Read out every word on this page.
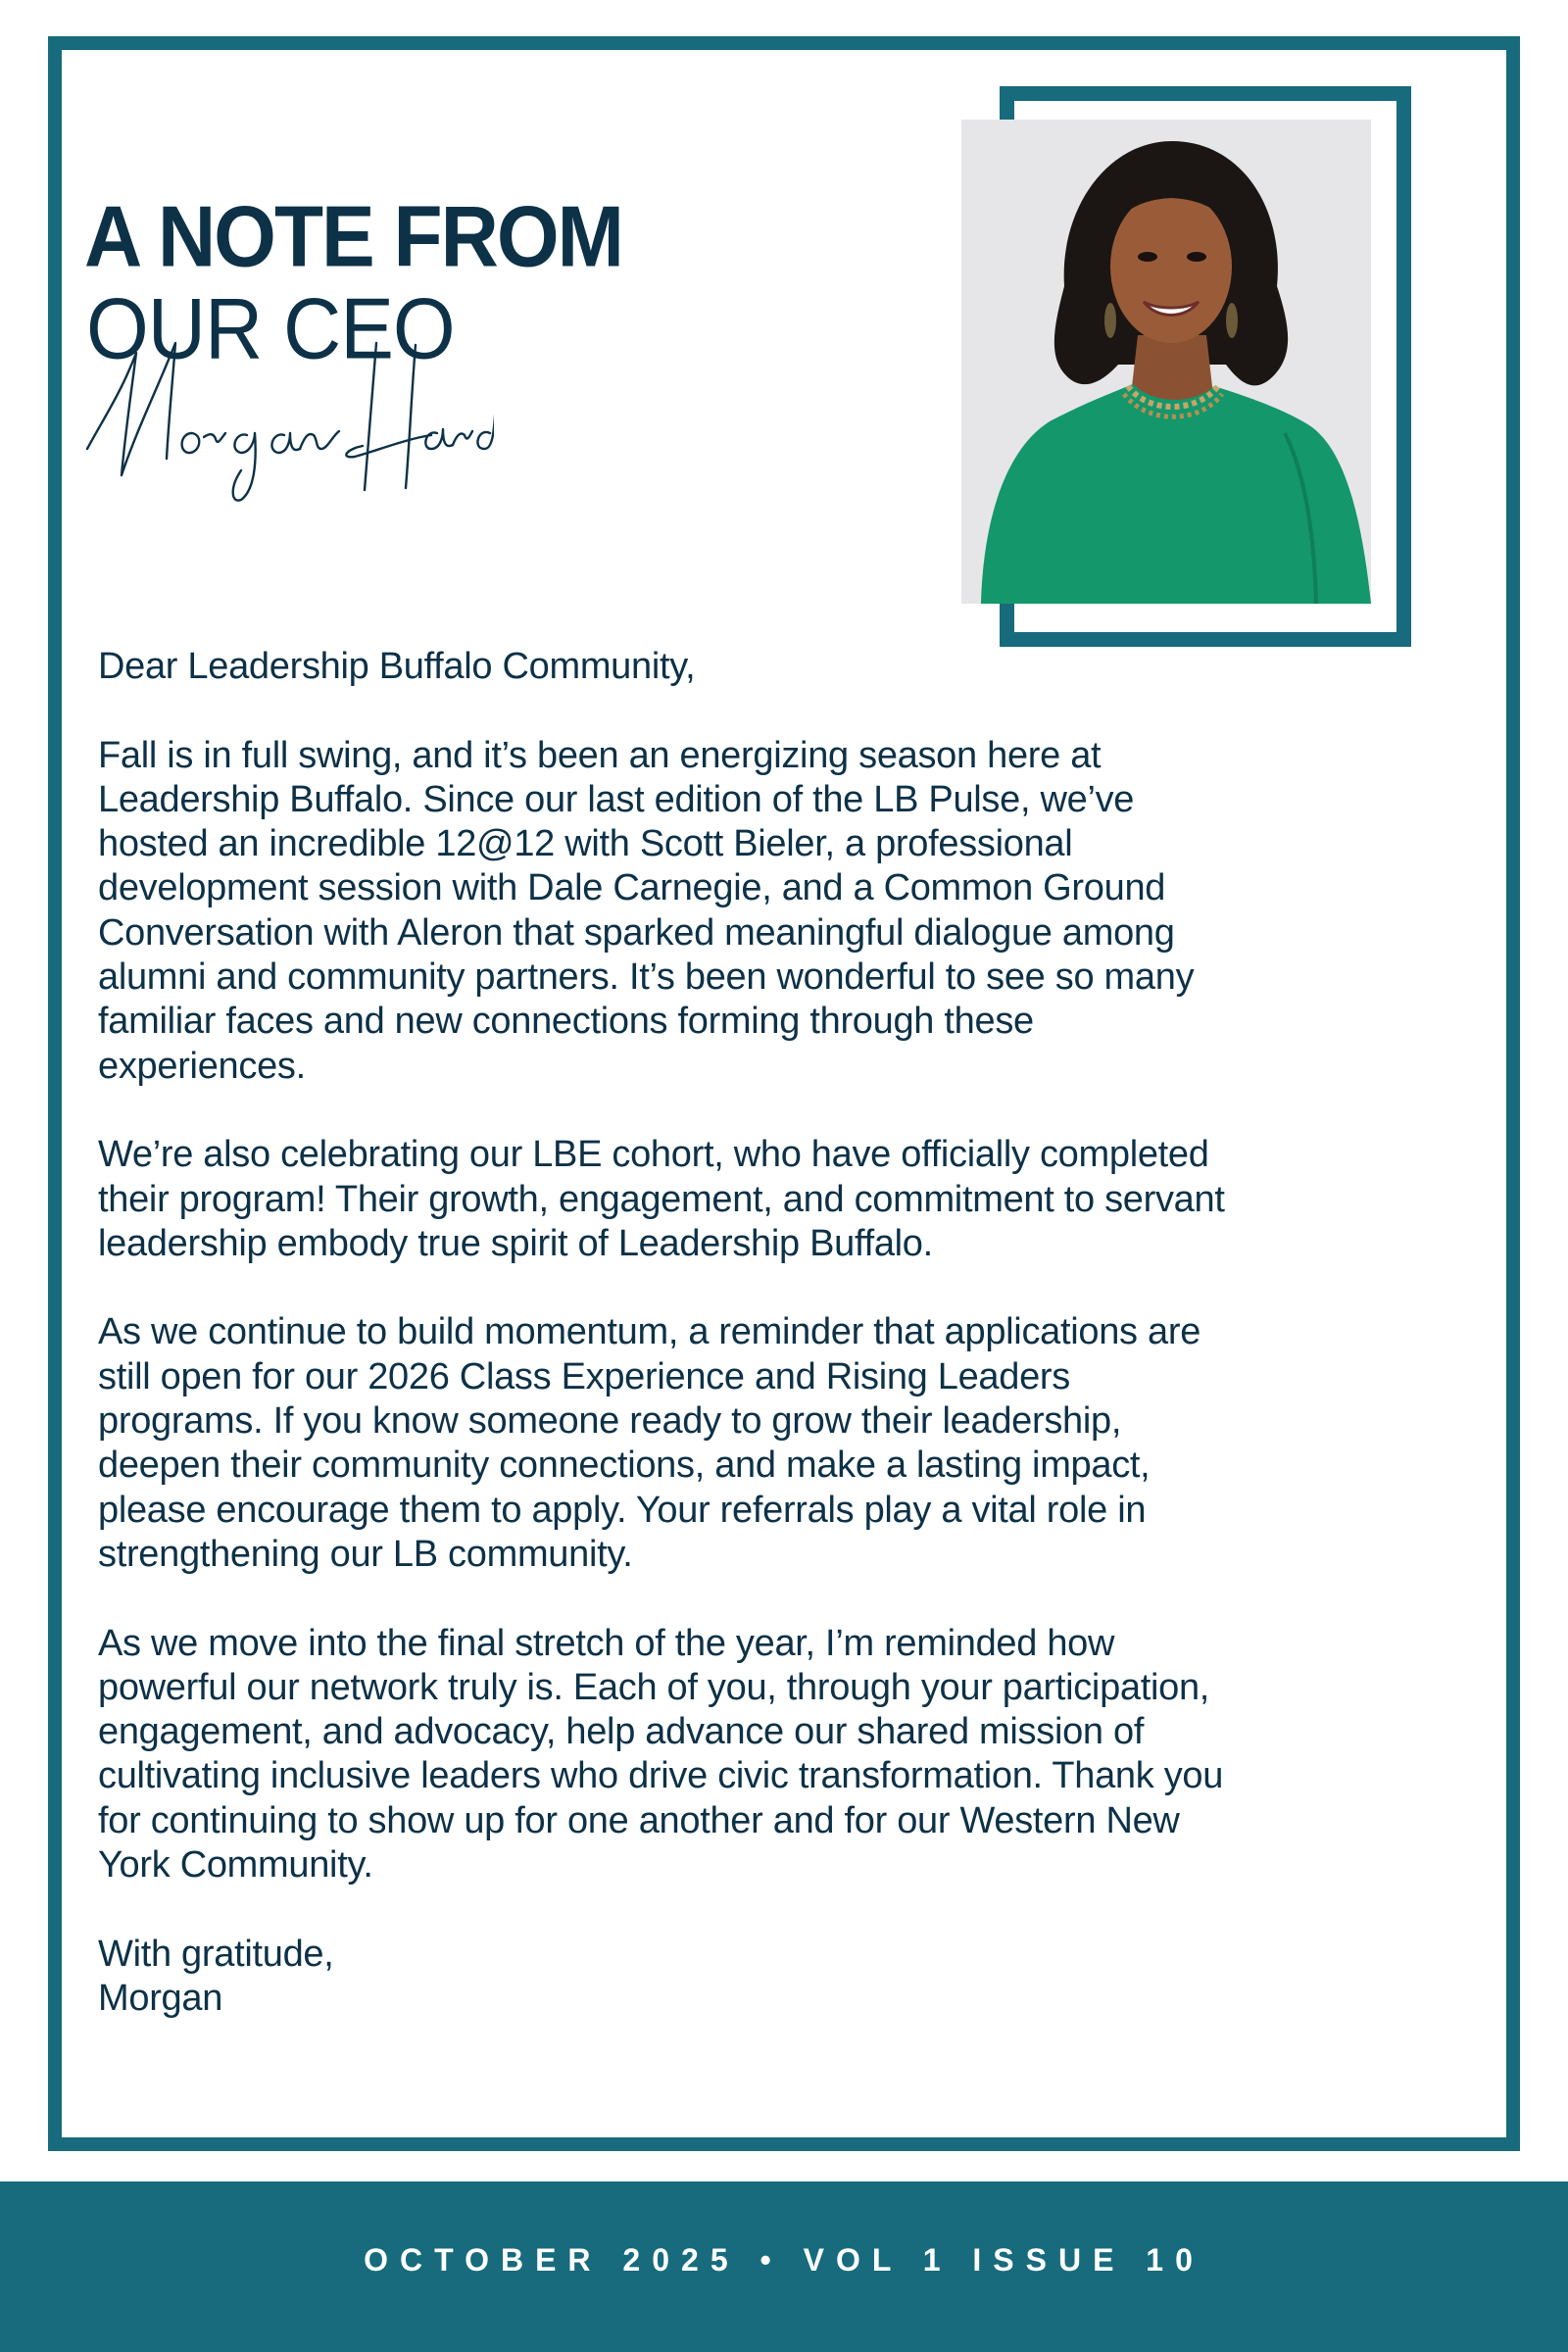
A NOTE FROM
OUR CEO

Dear Leadership Buffalo Community,

Fall is in full swing, and it’s been an energizing season here at
Leadership Buffalo. Since our last edition of the LB Pulse, we’ve
hosted an incredible 12@12 with Scott Bieler, a professional
development session with Dale Carnegie, and a Common Ground
Conversation with Aleron that sparked meaningful dialogue among
alumni and community partners. It’s been wonderful to see so many
familiar faces and new connections forming through these
experiences.

We’re also celebrating our LBE cohort, who have officially completed
their program! Their growth, engagement, and commitment to servant
leadership embody true spirit of Leadership Buffalo.

As we continue to build momentum, a reminder that applications are
still open for our 2026 Class Experience and Rising Leaders
programs. If you know someone ready to grow their leadership,
deepen their community connections, and make a lasting impact,
please encourage them to apply. Your referrals play a vital role in
strengthening our LB community.

As we move into the final stretch of the year, I’m reminded how
powerful our network truly is. Each of you, through your participation,
engagement, and advocacy, help advance our shared mission of
cultivating inclusive leaders who drive civic transformation. Thank you
for continuing to show up for one another and for our Western New
York Community.

With gratitude,

Morgan

OCTOBER 2025 • VOL 1 ISSUE 10
